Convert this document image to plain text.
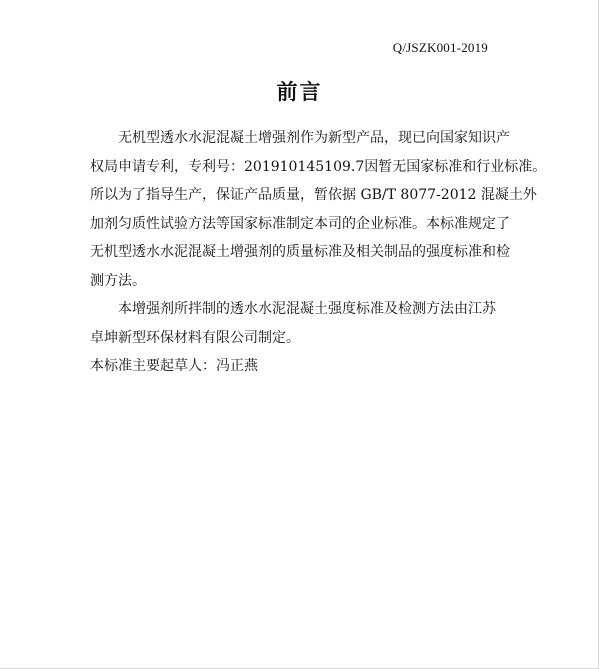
Q/JSZK001-2019
前言
无机型透水水泥混凝土增强剂作为新型产品，现已向国家知识产
权局申请专利，专利号：201910145109.7因暂无国家标准和行业标准。
所以为了指导生产，保证产品质量，暂依据 GB/T 8077-2012 混凝土外
加剂匀质性试验方法等国家标准制定本司的企业标准。本标准规定了
无机型透水水泥混凝土增强剂的质量标准及相关制品的强度标准和检
测方法。
本增强剂所拌制的透水水泥混凝土强度标准及检测方法由江苏
卓坤新型环保材料有限公司制定。
本标准主要起草人：冯正燕
